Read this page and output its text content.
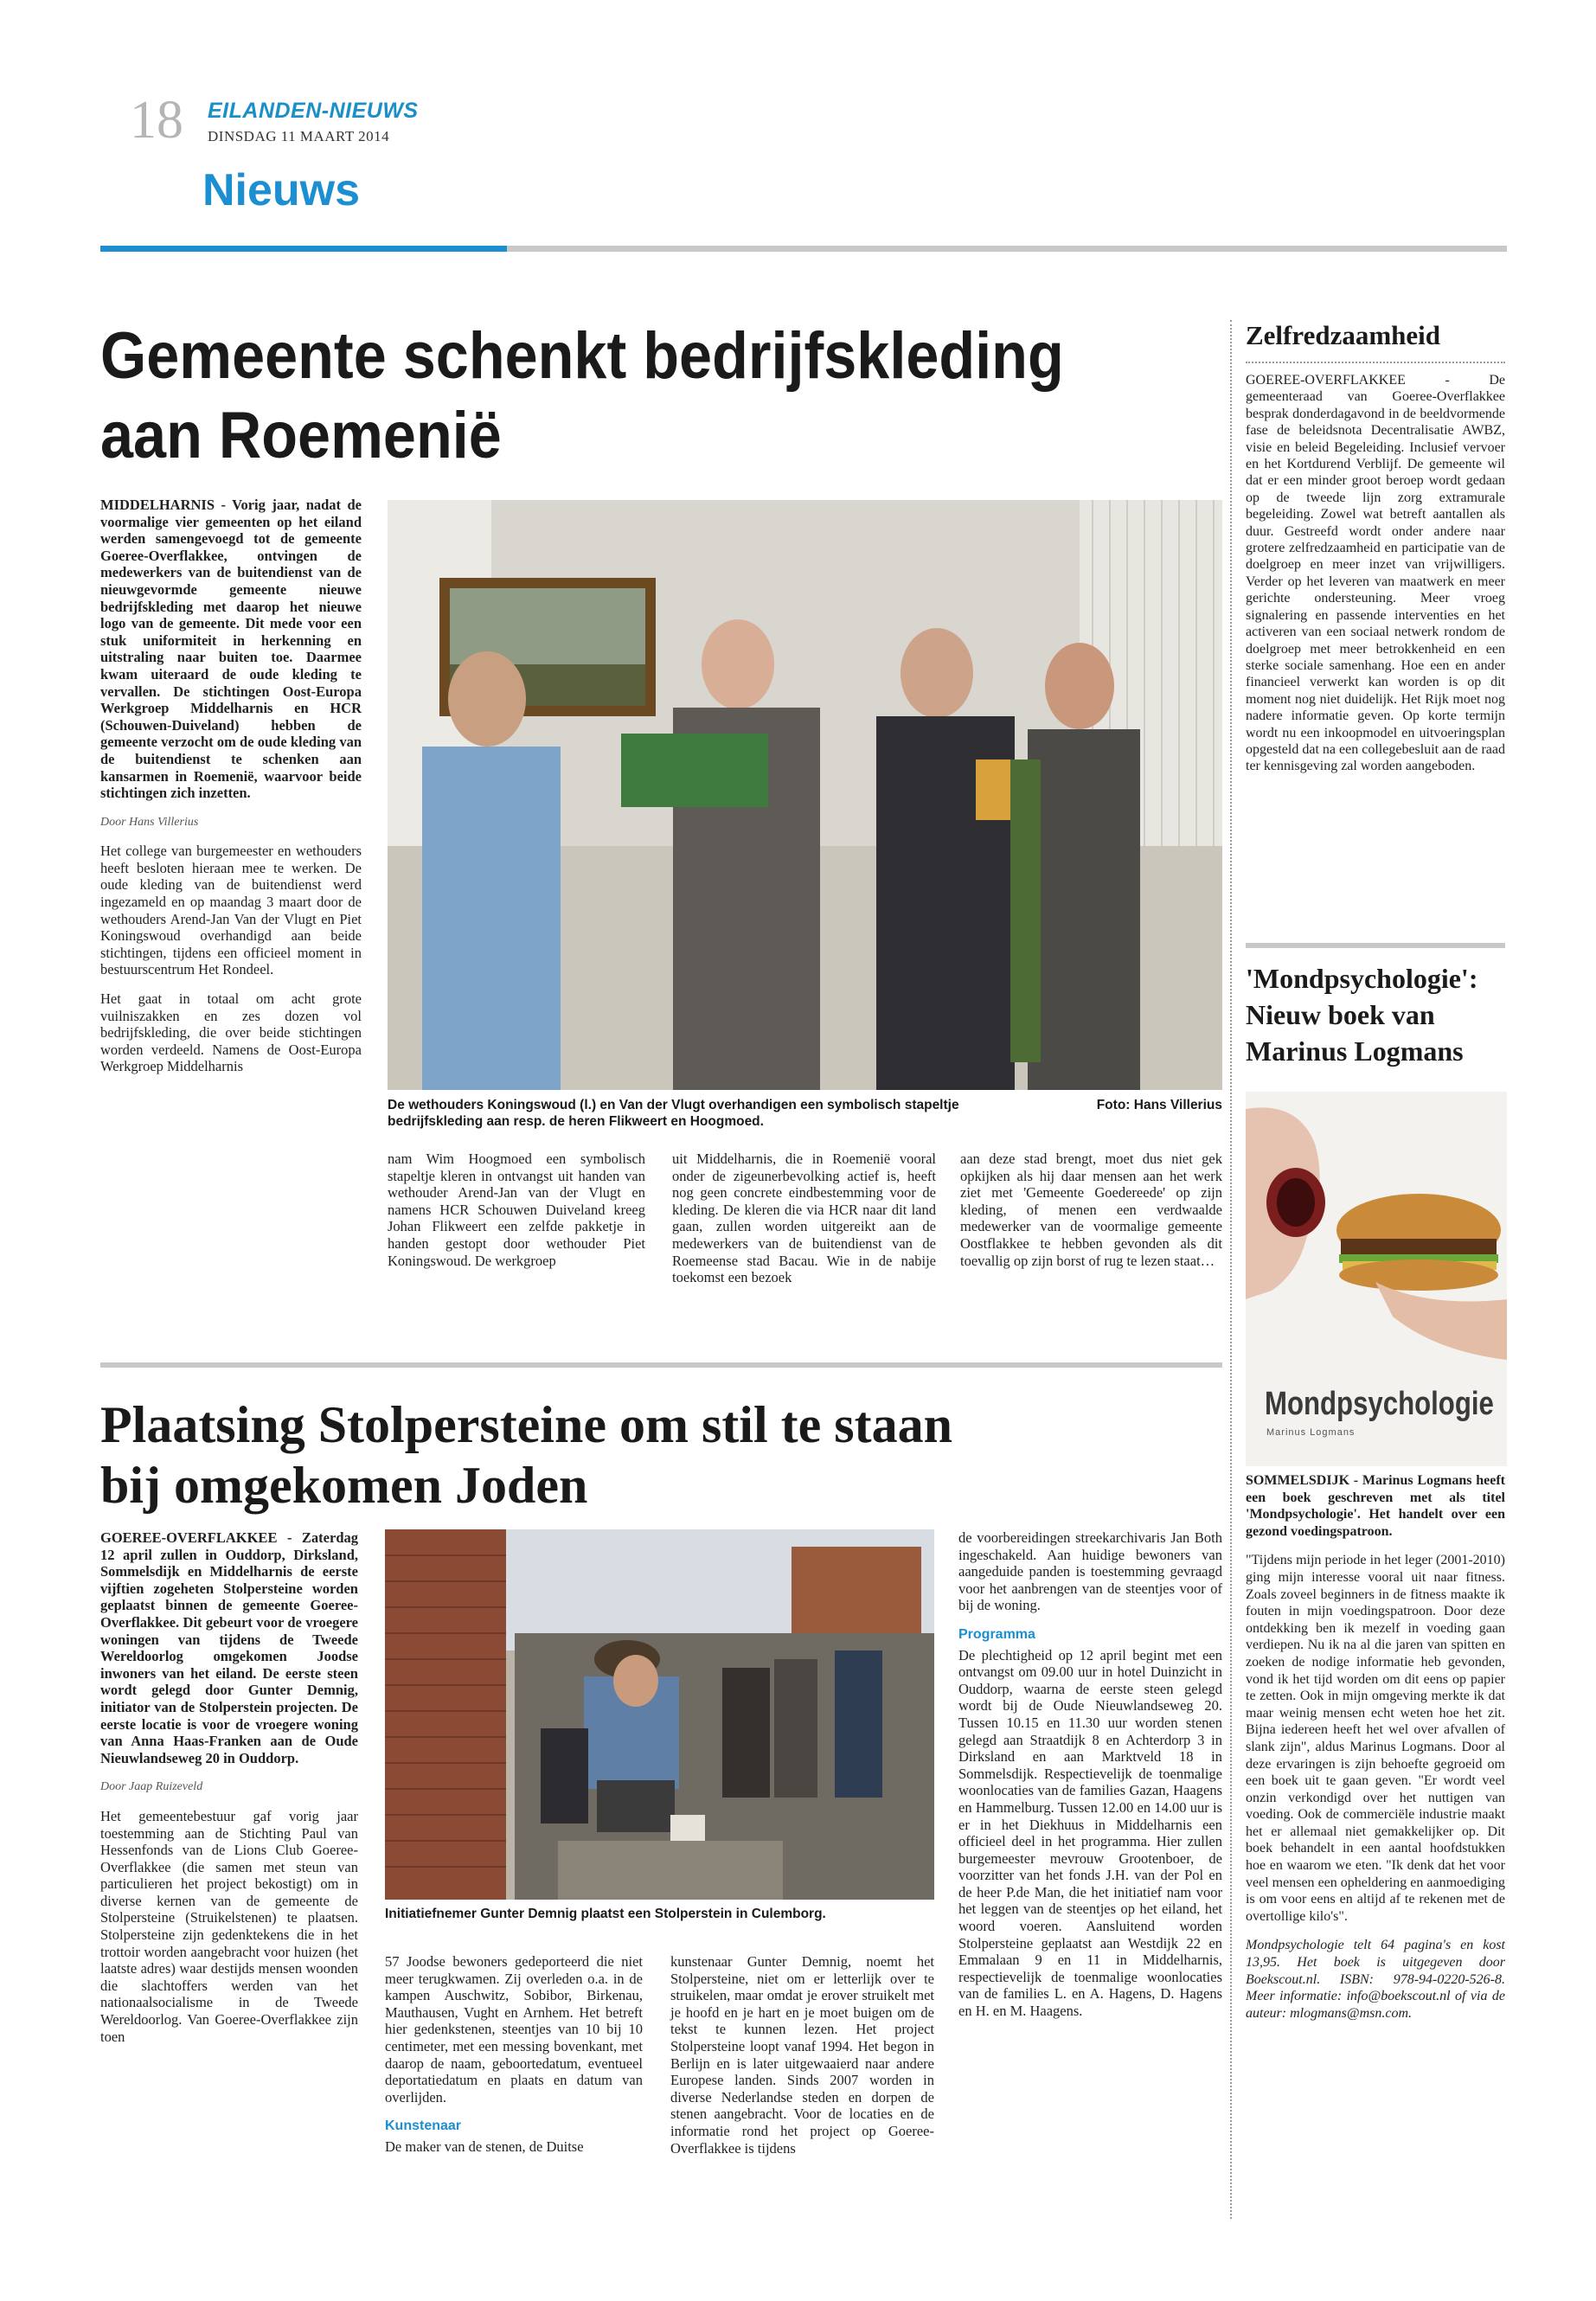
18 EILANDEN-NIEUWS
DINSDAG 11 MAART 2014
Nieuws
Gemeente schenkt bedrijfskleding
aan Roemenië

MIDDELHARNIS - Vorig jaar, nadat de voormalige vier gemeenten op het eiland werden samengevoegd tot de gemeente Goeree-Overflakkee, ontvingen de medewerkers van de buitendienst van de nieuwgevormde gemeente nieuwe bedrijfskleding met daarop het nieuwe logo van de gemeente. Dit mede voor een stuk uniformiteit in herkenning en uitstraling naar buiten toe. Daarmee kwam uiteraard de oude kleding te vervallen. De stichtingen Oost-Europa Werkgroep Middelharnis en HCR (Schouwen-Duiveland) hebben de gemeente verzocht om de oude kleding van de buitendienst te schenken aan kansarmen in Roemenië, waarvoor beide stichtingen zich inzetten.

Door Hans Villerius

Het college van burgemeester en wethouders heeft besloten hieraan mee te werken. De oude kleding van de buitendienst werd ingezameld en op maandag 3 maart door de wethouders Arend-Jan Van der Vlugt en Piet Koningswoud overhandigd aan beide stichtingen, tijdens een officieel moment in bestuurscentrum Het Rondeel.

Het gaat in totaal om acht grote vuilniszakken en zes dozen vol bedrijfskleding, die over beide stichtingen worden verdeeld. Namens de Oost-Europa Werkgroep Middelharnis

De wethouders Koningswoud (l.) en Van der Vlugt overhandigen een symbolisch stapeltje bedrijfskleding aan resp. de heren Flikweert en Hoogmoed.
Foto: Hans Villerius

nam Wim Hoogmoed een symbolisch stapeltje kleren in ontvangst uit handen van wethouder Arend-Jan van der Vlugt en namens HCR Schouwen Duiveland kreeg Johan Flikweert een zelfde pakketje in handen gestopt door wethouder Piet Koningswoud. De werkgroep

uit Middelharnis, die in Roemenië vooral onder de zigeunerbevolking actief is, heeft nog geen concrete eindbestemming voor de kleding. De kleren die via HCR naar dit land gaan, zullen worden uitgereikt aan de medewerkers van de buitendienst van de Roemeense stad Bacau. Wie in de nabije toekomst een bezoek

aan deze stad brengt, moet dus niet gek opkijken als hij daar mensen aan het werk ziet met 'Gemeente Goedereede' op zijn kleding, of menen een verdwaalde medewerker van de voormalige gemeente Oostflakkee te hebben gevonden als dit toevallig op zijn borst of rug te lezen staat…

Zelfredzaamheid

GOEREE-OVERFLAKKEE - De gemeenteraad van Goeree-Overflakkee besprak donderdagavond in de beeldvormende fase de beleidsnota Decentralisatie AWBZ, visie en beleid Begeleiding. Inclusief vervoer en het Kortdurend Verblijf. De gemeente wil dat er een minder groot beroep wordt gedaan op de tweede lijn zorg extramurale begeleiding. Zowel wat betreft aantallen als duur. Gestreefd wordt onder andere naar grotere zelfredzaamheid en participatie van de doelgroep en meer inzet van vrijwilligers. Verder op het leveren van maatwerk en meer gerichte ondersteuning. Meer vroeg signalering en passende interventies en het activeren van een sociaal netwerk rondom de doelgroep met meer betrokkenheid en een sterke sociale samenhang. Hoe een en ander financieel verwerkt kan worden is op dit moment nog niet duidelijk. Het Rijk moet nog nadere informatie geven. Op korte termijn wordt nu een inkoopmodel en uitvoeringsplan opgesteld dat na een collegebesluit aan de raad ter kennisgeving zal worden aangeboden.

'Mondpsychologie':
Nieuw boek van
Marinus Logmans
Mondpsychologie
Marinus Logmans

SOMMELSDIJK - Marinus Logmans heeft een boek geschreven met als titel 'Mondpsychologie'. Het handelt over een gezond voedingspatroon.

"Tijdens mijn periode in het leger (2001-2010) ging mijn interesse vooral uit naar fitness. Zoals zoveel beginners in de fitness maakte ik fouten in mijn voedingspatroon. Door deze ontdekking ben ik mezelf in voeding gaan verdiepen. Nu ik na al die jaren van spitten en zoeken de nodige informatie heb gevonden, vond ik het tijd worden om dit eens op papier te zetten. Ook in mijn omgeving merkte ik dat maar weinig mensen echt weten hoe het zit. Bijna iedereen heeft het wel over afvallen of slank zijn", aldus Marinus Logmans. Door al deze ervaringen is zijn behoefte gegroeid om een boek uit te gaan geven. "Er wordt veel onzin verkondigd over het nuttigen van voeding. Ook de commerciële industrie maakt het er allemaal niet gemakkelijker op. Dit boek behandelt in een aantal hoofdstukken hoe en waarom we eten. "Ik denk dat het voor veel mensen een opheldering en aanmoediging is om voor eens en altijd af te rekenen met de overtollige kilo's".

Mondpsychologie telt 64 pagina's en kost 13,95. Het boek is uitgegeven door Boekscout.nl. ISBN: 978-94-0220-526-8. Meer informatie: info@boekscout.nl of via de auteur: mlogmans@msn.com.

Plaatsing Stolpersteine om stil te staan
bij omgekomen Joden

GOEREE-OVERFLAKKEE - Zaterdag 12 april zullen in Ouddorp, Dirksland, Sommelsdijk en Middelharnis de eerste vijftien zogeheten Stolpersteine worden geplaatst binnen de gemeente Goeree-Overflakkee. Dit gebeurt voor de vroegere woningen van tijdens de Tweede Wereldoorlog omgekomen Joodse inwoners van het eiland. De eerste steen wordt gelegd door Gunter Demnig, initiator van de Stolperstein projecten. De eerste locatie is voor de vroegere woning van Anna Haas-Franken aan de Oude Nieuwlandseweg 20 in Ouddorp.

Door Jaap Ruizeveld

Het gemeentebestuur gaf vorig jaar toestemming aan de Stichting Paul van Hessenfonds van de Lions Club Goeree-Overflakkee (die samen met steun van particulieren het project bekostigt) om in diverse kernen van de gemeente de Stolpersteine (Struikelstenen) te plaatsen. Stolpersteine zijn gedenktekens die in het trottoir worden aangebracht voor huizen (het laatste adres) waar destijds mensen woonden die slachtoffers werden van het nationaalsocialisme in de Tweede Wereldoorlog. Van Goeree-Overflakkee zijn toen

Initiatiefnemer Gunter Demnig plaatst een Stolperstein in Culemborg.

57 Joodse bewoners gedeporteerd die niet meer terugkwamen. Zij overleden o.a. in de kampen Auschwitz, Sobibor, Birkenau, Mauthausen, Vught en Arnhem. Het betreft hier gedenkstenen, steentjes van 10 bij 10 centimeter, met een messing bovenkant, met daarop de naam, geboortedatum, eventueel deportatiedatum en plaats en datum van overlijden.

Kunstenaar

De maker van de stenen, de Duitse

kunstenaar Gunter Demnig, noemt het Stolpersteine, niet om er letterlijk over te struikelen, maar omdat je erover struikelt met je hoofd en je hart en je moet buigen om de tekst te kunnen lezen. Het project Stolpersteine loopt vanaf 1994. Het begon in Berlijn en is later uitgewaaierd naar andere Europese landen. Sinds 2007 worden in diverse Nederlandse steden en dorpen de stenen aangebracht. Voor de locaties en de informatie rond het project op Goeree-Overflakkee is tijdens

de voorbereidingen streekarchivaris Jan Both ingeschakeld. Aan huidige bewoners van aangeduide panden is toestemming gevraagd voor het aanbrengen van de steentjes voor of bij de woning.

Programma

De plechtigheid op 12 april begint met een ontvangst om 09.00 uur in hotel Duinzicht in Ouddorp, waarna de eerste steen gelegd wordt bij de Oude Nieuwlandseweg 20. Tussen 10.15 en 11.30 uur worden stenen gelegd aan Straatdijk 8 en Achterdorp 3 in Dirksland en aan Marktveld 18 in Sommelsdijk. Respectievelijk de toenmalige woonlocaties van de families Gazan, Haagens en Hammelburg. Tussen 12.00 en 14.00 uur is er in het Diekhuus in Middelharnis een officieel deel in het programma. Hier zullen burgemeester mevrouw Grootenboer, de voorzitter van het fonds J.H. van der Pol en de heer P.de Man, die het initiatief nam voor het leggen van de steentjes op het eiland, het woord voeren. Aansluitend worden Stolpersteine geplaatst aan Westdijk 22 en Emmalaan 9 en 11 in Middelharnis, respectievelijk de toenmalige woonlocaties van de families L. en A. Hagens, D. Hagens en H. en M. Haagens.
